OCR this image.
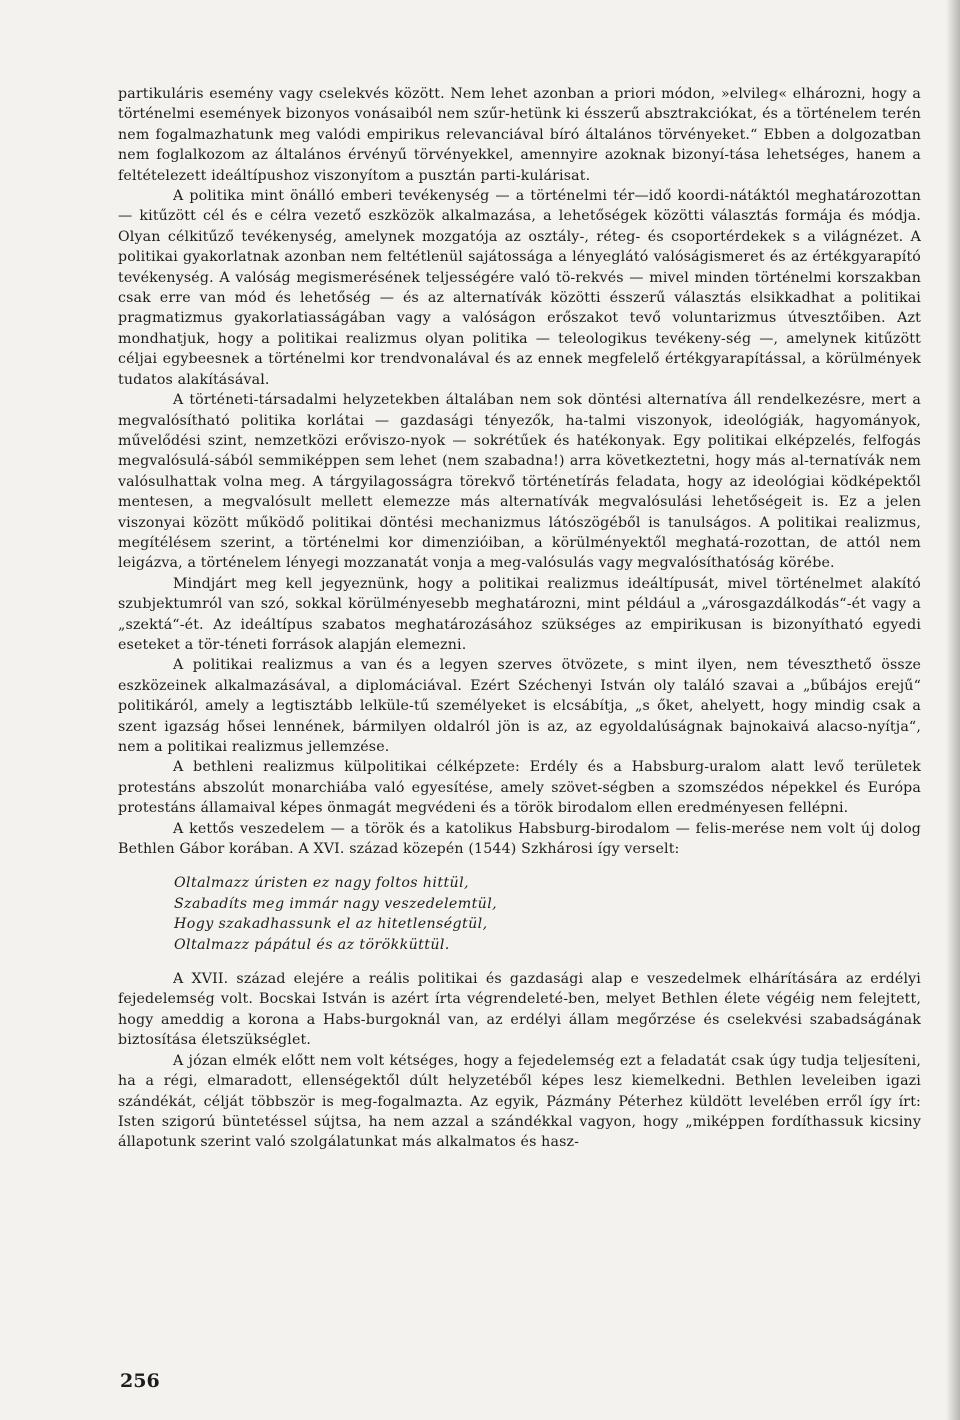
partikuláris esemény vagy cselekvés között. Nem lehet azonban a priori módon, »elvileg« elhározni, hogy a történelmi események bizonyos vonásaiból nem szűr-hetünk ki ésszerű absztrakciókat, és a történelem terén nem fogalmazhatunk meg valódi empirikus relevanciával bíró általános törvényeket.“ Ebben a dolgozatban nem foglalkozom az általános érvényű törvényekkel, amennyire azoknak bizonyí-tása lehetséges, hanem a feltételezett ideáltípushoz viszonyítom a pusztán parti-kulárisat.

A politika mint önálló emberi tevékenység — a történelmi tér—idő koordi-nátáktól meghatározottan — kitűzött cél és e célra vezető eszközök alkalmazása, a lehetőségek közötti választás formája és módja. Olyan célkitűző tevékenység, amelynek mozgatója az osztály-, réteg- és csoportérdekek s a világnézet. A politikai gyakorlatnak azonban nem feltétlenül sajátossága a lényeglátó valóságismeret és az értékgyarapító tevékenység. A valóság megismerésének teljességére való tö-rekvés — mivel minden történelmi korszakban csak erre van mód és lehetőség — és az alternatívák közötti ésszerű választás elsikkadhat a politikai pragmatizmus gyakorlatiasságában vagy a valóságon erőszakot tevő voluntarizmus útvesztőiben. Azt mondhatjuk, hogy a politikai realizmus olyan politika — teleologikus tevékeny-ség —, amelynek kitűzött céljai egybeesnek a történelmi kor trendvonalával és az ennek megfelelő értékgyarapítással, a körülmények tudatos alakításával.

A történeti-társadalmi helyzetekben általában nem sok döntési alternatíva áll rendelkezésre, mert a megvalósítható politika korlátai — gazdasági tényezők, ha-talmi viszonyok, ideológiák, hagyományok, művelődési szint, nemzetközi erőviszo-nyok — sokrétűek és hatékonyak. Egy politikai elképzelés, felfogás megvalósulá-sából semmiképpen sem lehet (nem szabadna!) arra következtetni, hogy más al-ternatívák nem valósulhattak volna meg. A tárgyilagosságra törekvő történetírás feladata, hogy az ideológiai ködképektől mentesen, a megvalósult mellett elemezze más alternatívák megvalósulási lehetőségeit is. Ez a jelen viszonyai között működő politikai döntési mechanizmus látószögéből is tanulságos. A politikai realizmus, megítélésem szerint, a történelmi kor dimenzióiban, a körülményektől meghatá-rozottan, de attól nem leigázva, a történelem lényegi mozzanatát vonja a meg-valósulás vagy megvalósíthatóság körébe.

Mindjárt meg kell jegyeznünk, hogy a politikai realizmus ideáltípusát, mivel történelmet alakító szubjektumról van szó, sokkal körülményesebb meghatározni, mint például a „városgazdálkodás“-ét vagy a „szektá“-ét. Az ideáltípus szabatos meghatározásához szükséges az empirikusan is bizonyítható egyedi eseteket a tör-téneti források alapján elemezni.

A politikai realizmus a van és a legyen szerves ötvözete, s mint ilyen, nem téveszthető össze eszközeinek alkalmazásával, a diplomáciával. Ezért Széchenyi István oly találó szavai a „bűbájos erejű“ politikáról, amely a legtisztább lelküle-tű személyeket is elcsábítja, „s őket, ahelyett, hogy mindig csak a szent igazság hősei lennének, bármilyen oldalról jön is az, az egyoldalúságnak bajnokaivá alacso-nyítja“, nem a politikai realizmus jellemzése.

A bethleni realizmus külpolitikai célképzete: Erdély és a Habsburg-uralom alatt levő területek protestáns abszolút monarchiába való egyesítése, amely szövet-ségben a szomszédos népekkel és Európa protestáns államaival képes önmagát megvédeni és a török birodalom ellen eredményesen fellépni.

A kettős veszedelem — a török és a katolikus Habsburg-birodalom — felis-merése nem volt új dolog Bethlen Gábor korában. A XVI. század közepén (1544) Szkhárosi így verselt:

Oltalmazz úristen ez nagy foltos hittül,
Szabadíts meg immár nagy veszedelemtül,
Hogy szakadhassunk el az hitetlenségtül,
Oltalmazz pápátul és az törökküttül.

A XVII. század elejére a reális politikai és gazdasági alap e veszedelmek elhárítására az erdélyi fejedelemség volt. Bocskai István is azért írta végrendeleté-ben, melyet Bethlen élete végéig nem felejtett, hogy ameddig a korona a Habs-burgoknál van, az erdélyi állam megőrzése és cselekvési szabadságának biztosítása életszükséglet.

A józan elmék előtt nem volt kétséges, hogy a fejedelemség ezt a feladatát csak úgy tudja teljesíteni, ha a régi, elmaradott, ellenségektől dúlt helyzetéből képes lesz kiemelkedni. Bethlen leveleiben igazi szándékát, célját többször is meg-fogalmazta. Az egyik, Pázmány Péterhez küldött levelében erről így írt: Isten szigorú büntetéssel sújtsa, ha nem azzal a szándékkal vagyon, hogy „miképpen fordíthassuk kicsiny állapotunk szerint való szolgálatunkat más alkalmatos és hasz-

256
